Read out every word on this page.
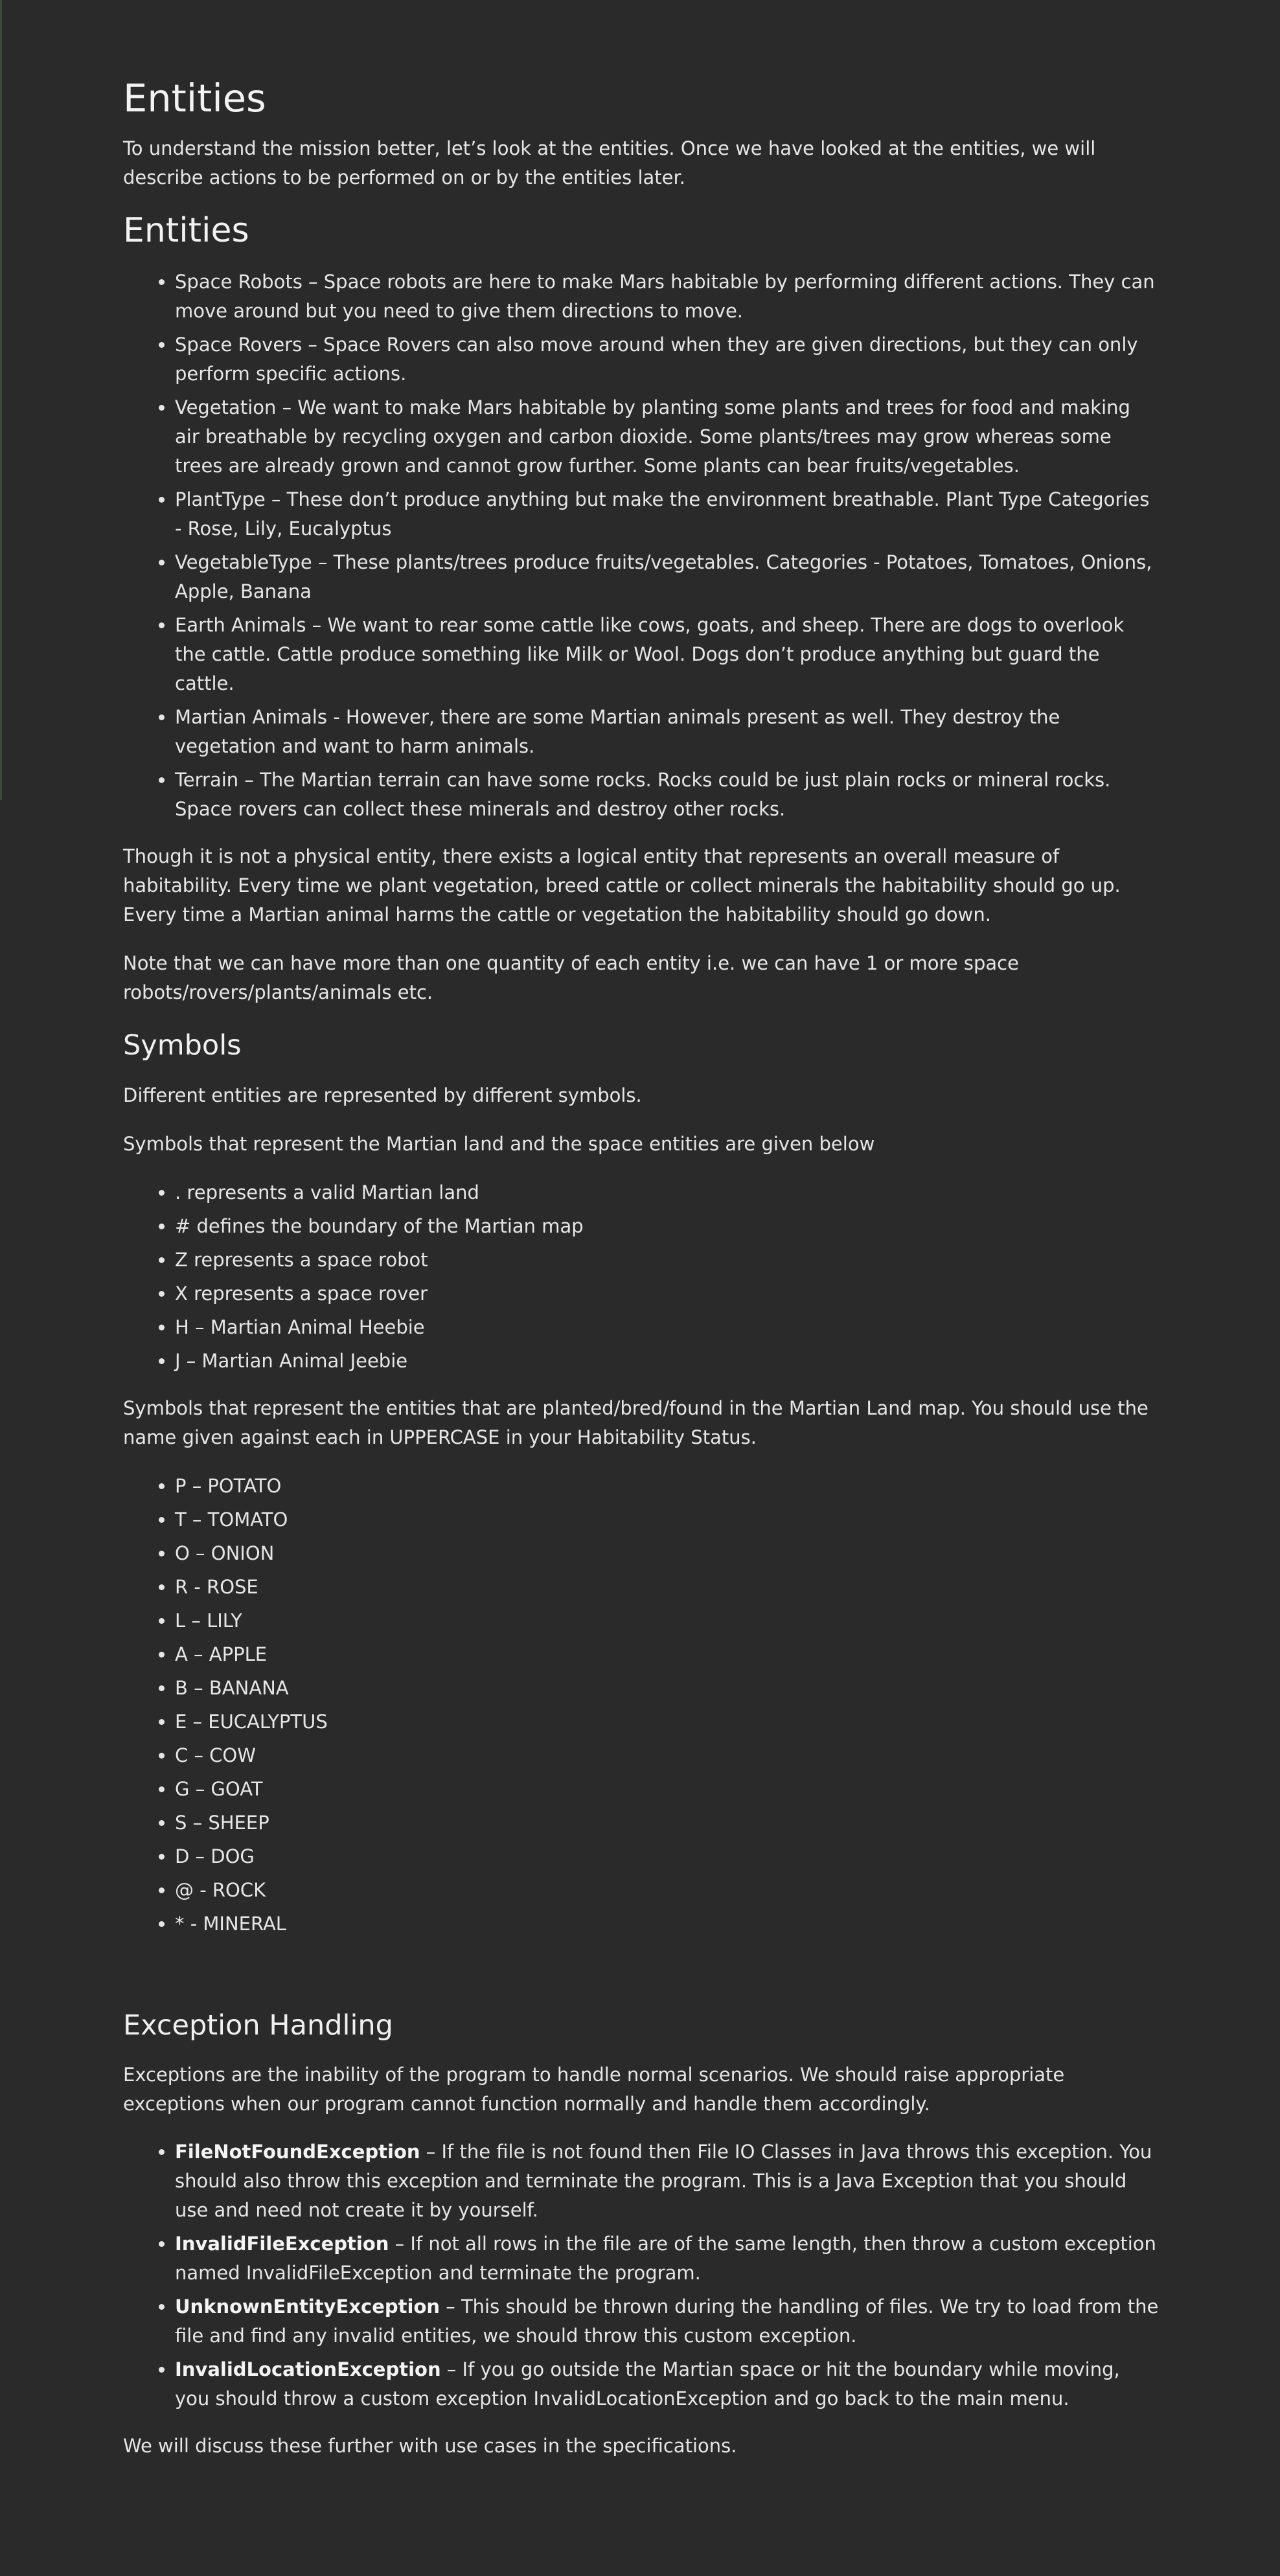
Entities

To understand the mission better, let’s look at the entities. Once we have looked at the entities, we will describe actions to be performed on or by the entities later.

Entities
• Space Robots – Space robots are here to make Mars habitable by performing different actions. They can move around but you need to give them directions to move.
• Space Rovers – Space Rovers can also move around when they are given directions, but they can only perform specific actions.
• Vegetation – We want to make Mars habitable by planting some plants and trees for food and making air breathable by recycling oxygen and carbon dioxide. Some plants/trees may grow whereas some trees are already grown and cannot grow further. Some plants can bear fruits/vegetables.
• PlantType – These don’t produce anything but make the environment breathable. Plant Type Categories - Rose, Lily, Eucalyptus
• VegetableType – These plants/trees produce fruits/vegetables. Categories - Potatoes, Tomatoes, Onions, Apple, Banana
• Earth Animals – We want to rear some cattle like cows, goats, and sheep. There are dogs to overlook the cattle. Cattle produce something like Milk or Wool. Dogs don’t produce anything but guard the cattle.
• Martian Animals - However, there are some Martian animals present as well. They destroy the vegetation and want to harm animals.
• Terrain – The Martian terrain can have some rocks. Rocks could be just plain rocks or mineral rocks. Space rovers can collect these minerals and destroy other rocks.

Though it is not a physical entity, there exists a logical entity that represents an overall measure of habitability. Every time we plant vegetation, breed cattle or collect minerals the habitability should go up. Every time a Martian animal harms the cattle or vegetation the habitability should go down.

Note that we can have more than one quantity of each entity i.e. we can have 1 or more space robots/rovers/plants/animals etc.

Symbols

Different entities are represented by different symbols.

Symbols that represent the Martian land and the space entities are given below

• . represents a valid Martian land
• # defines the boundary of the Martian map
• Z represents a space robot
• X represents a space rover
• H – Martian Animal Heebie
• J – Martian Animal Jeebie

Symbols that represent the entities that are planted/bred/found in the Martian Land map. You should use the name given against each in UPPERCASE in your Habitability Status.

• P – POTATO
• T – TOMATO
• O – ONION
• R - ROSE
• L – LILY
• A – APPLE
• B – BANANA
• E – EUCALYPTUS
• C – COW
• G – GOAT
• S – SHEEP
• D – DOG
• @ - ROCK
• * - MINERAL
Exception Handling

Exceptions are the inability of the program to handle normal scenarios. We should raise appropriate exceptions when our program cannot function normally and handle them accordingly.

• FileNotFoundException – If the file is not found then File IO Classes in Java throws this exception. You should also throw this exception and terminate the program. This is a Java Exception that you should use and need not create it by yourself.
• InvalidFileException – If not all rows in the file are of the same length, then throw a custom exception named InvalidFileException and terminate the program.
• UnknownEntityException – This should be thrown during the handling of files. We try to load from the file and find any invalid entities, we should throw this custom exception.
• InvalidLocationException – If you go outside the Martian space or hit the boundary while moving, you should throw a custom exception InvalidLocationException and go back to the main menu.

We will discuss these further with use cases in the specifications.
